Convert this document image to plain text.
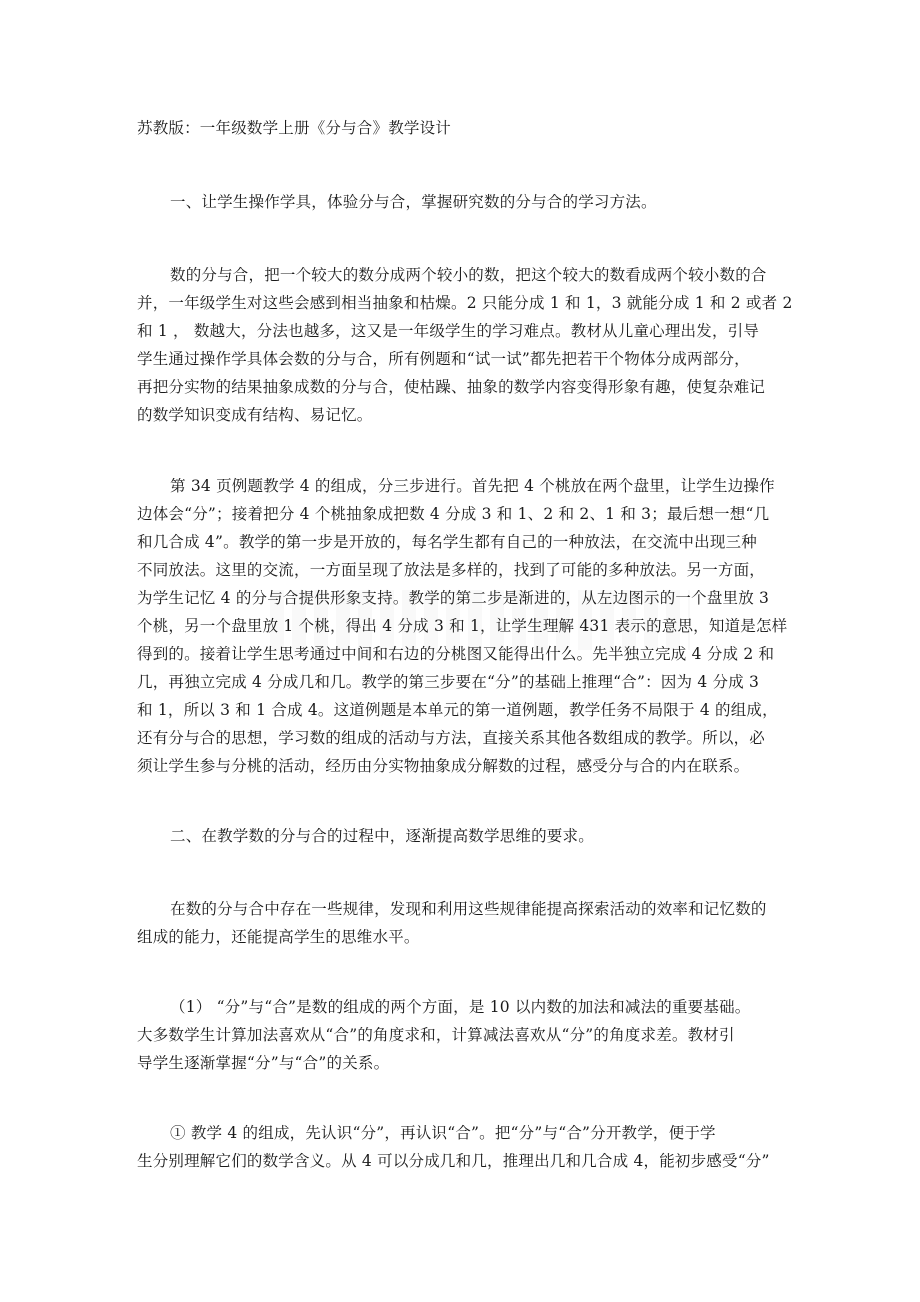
苏教版：一年级数学上册《分与合》教学设计
一、让学生操作学具，体验分与合，掌握研究数的分与合的学习方法。
数的分与合，把一个较大的数分成两个较小的数，把这个较大的数看成两个较小数的合
并，一年级学生对这些会感到相当抽象和枯燥。2 只能分成 1 和 1，3 就能分成 1 和 2 或者 2
和 1 ， 数越大，分法也越多，这又是一年级学生的学习难点。教材从儿童心理出发，引导
学生通过操作学具体会数的分与合，所有例题和“试一试”都先把若干个物体分成两部分，
再把分实物的结果抽象成数的分与合，使枯躁、抽象的数学内容变得形象有趣，使复杂难记
的数学知识变成有结构、易记忆。
第 34 页例题教学 4 的组成，分三步进行。首先把 4 个桃放在两个盘里，让学生边操作
边体会“分”；接着把分 4 个桃抽象成把数 4 分成 3 和 1、2 和 2、1 和 3；最后想一想“几
和几合成 4”。教学的第一步是开放的，每名学生都有自己的一种放法，在交流中出现三种
不同放法。这里的交流，一方面呈现了放法是多样的，找到了可能的多种放法。另一方面，
为学生记忆 4 的分与合提供形象支持。教学的第二步是渐进的，从左边图示的一个盘里放 3
个桃，另一个盘里放 1 个桃，得出 4 分成 3 和 1，让学生理解 431 表示的意思，知道是怎样
得到的。接着让学生思考通过中间和右边的分桃图又能得出什么。先半独立完成 4 分成 2 和
几，再独立完成 4 分成几和几。教学的第三步要在“分”的基础上推理“合”：因为 4 分成 3
和 1，所以 3 和 1 合成 4。这道例题是本单元的第一道例题，教学任务不局限于 4 的组成，
还有分与合的思想，学习数的组成的活动与方法，直接关系其他各数组成的教学。所以，必
须让学生参与分桃的活动，经历由分实物抽象成分解数的过程，感受分与合的内在联系。
二、在教学数的分与合的过程中，逐渐提高数学思维的要求。
在数的分与合中存在一些规律，发现和利用这些规律能提高探索活动的效率和记忆数的
组成的能力，还能提高学生的思维水平。
（1） “分”与“合”是数的组成的两个方面，是 10 以内数的加法和减法的重要基础。
大多数学生计算加法喜欢从“合”的角度求和，计算减法喜欢从“分”的角度求差。教材引
导学生逐渐掌握“分”与“合”的关系。
① 教学 4 的组成，先认识“分”，再认识“合”。把“分”与“合”分开教学，便于学
生分别理解它们的数学含义。从 4 可以分成几和几，推理出几和几合成 4，能初步感受“分”
